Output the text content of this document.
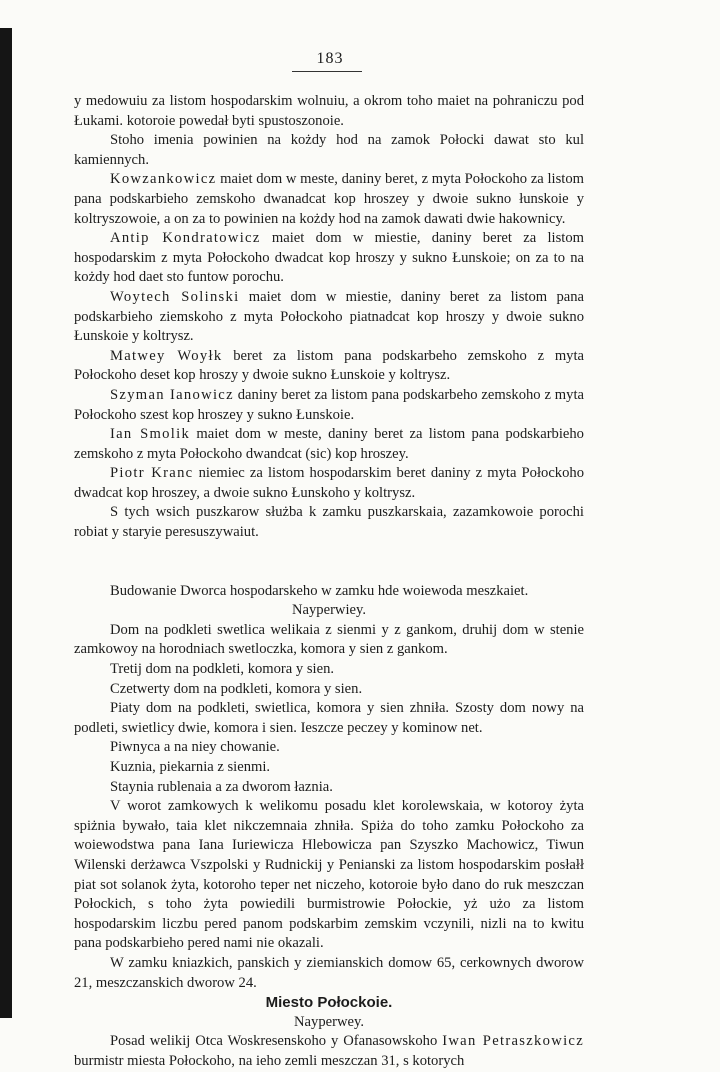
183

y medowuiu za listom hospodarskim wolnuiu, a okrom toho maiet na pohraniczu pod Łukami. kotoroie powedał byti spustoszonoie.

Stoho imenia powinien na kożdy hod na zamok Połocki dawat sto kul kamiennych.

Kowzankowicz maiet dom w meste, daniny beret, z myta Połockoho za listom pana podskarbieho zemskoho dwanadcat kop hroszey y dwoie sukno łunskoie y koltryszowoie, a on za to powinien na kożdy hod na zamok dawati dwie hakownicy.

Antip Kondratowicz maiet dom w miestie, daniny beret za listom hospodarskim z myta Połockoho dwadcat kop hroszy y sukno Łunskoie; on za to na kożdy hod daet sto funtow porochu.

Woytech Solinski maiet dom w miestie, daniny beret za listom pana podskarbieho ziemskoho z myta Połockoho piatnadcat kop hroszy y dwoie sukno Łunskoie y koltrysz.

Matwey Woyłk beret za listom pana podskarbeho zemskoho z myta Połockoho deset kop hroszy y dwoie sukno Łunskoie y koltrysz.

Szyman Ianowicz daniny beret za listom pana podskarbeho zemskoho z myta Połockoho szest kop hroszey y sukno Łunskoie.

Ian Smolik maiet dom w meste, daniny beret za listom pana podskarbieho zemskoho z myta Połockoho dwandcat (sic) kop hroszey.

Piotr Kranc niemiec za listom hospodarskim beret daniny z myta Połockoho dwadcat kop hroszey, a dwoie sukno Łunskoho y koltrysz.

S tych wsich puszkarow służba k zamku puszkarskaia, zazamkowoie porochi robiat y staryie peresuszywaiut.

Budowanie Dworca hospodarskeho w zamku hde woiewoda meszkaiet.

Nayperwiey.

Dom na podkleti swetlica welikaia z sienmi y z gankom, druhij dom w stenie zamkowoy na horodniach swetloczka, komora y sien z gankom.

Tretij dom na podkleti, komora y sien.

Czetwerty dom na podkleti, komora y sien.

Piaty dom na podkleti, swietlica, komora y sien zhniła. Szosty dom nowy na podleti, swietlicy dwie, komora i sien. Ieszcze peczey y kominow net.

Piwnyca a na niey chowanie.

Kuznia, piekarnia z sienmi.

Staynia rublenaia a za dworom łaznia.

V worot zamkowych k welikomu posadu klet korolewskaia, w kotoroy żyta spiżnia bywało, taia klet nikczemnaia zhniła. Spiża do toho zamku Połockoho za woiewodstwa pana Iana Iuriewicza Hlebowicza pan Szyszko Machowicz, Tiwun Wilenski derżawca Vszpolski y Rudnickij y Penianski za listom hospodarskim posłałł piat sot solanok żyta, kotoroho teper net niczeho, kotoroie było dano do ruk meszczan Połockich, s toho żyta powiedili burmistrowie Połockie, yż użo za listom hospodarskim liczbu pered panom podskarbim zemskim vczynili, nizli na to kwitu pana podskarbieho pered nami nie okazali.

W zamku kniazkich, panskich y ziemianskich domow 65, cerkownych dworow 21, meszczanskich dworow 24.

Miesto Połockoie.

Nayperwey.

Posad welikij Otca Woskresenskoho y Ofanasowskoho Iwan Petraszkowicz burmistr miesta Połockoho, na ieho zemli meszczan 31, s kotorych
